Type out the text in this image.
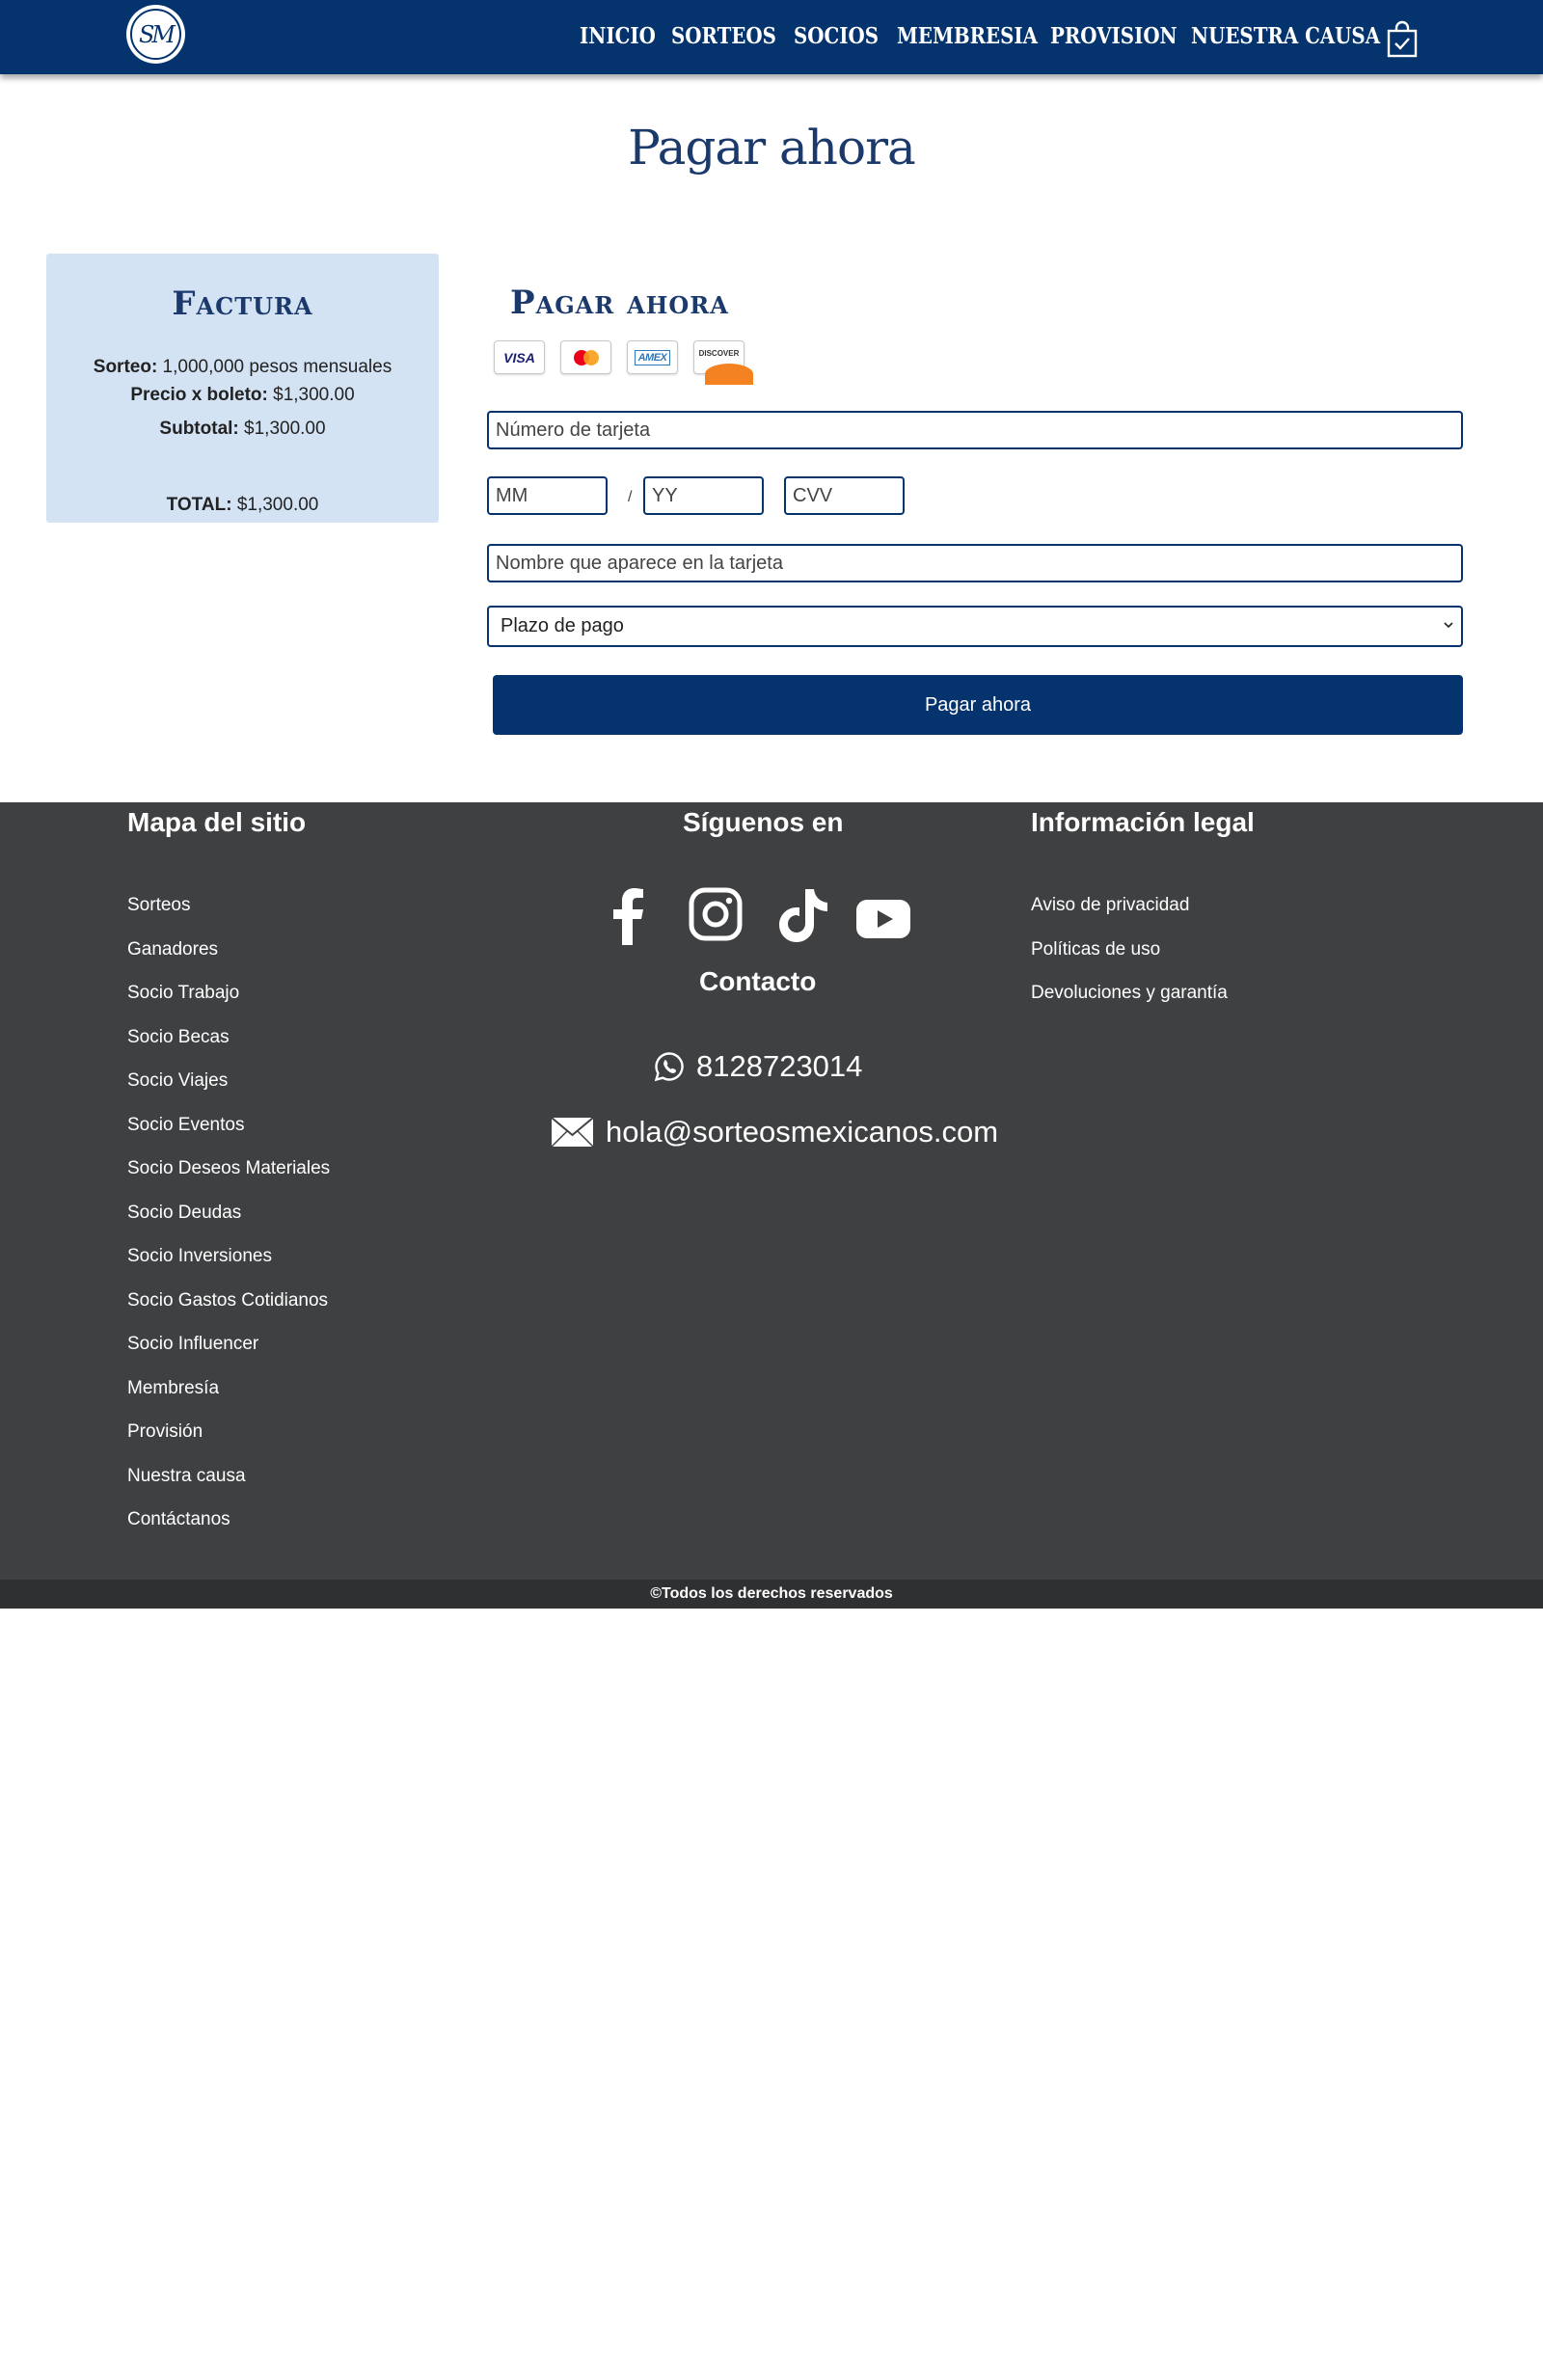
SM	INICIO SORTEOS SOCIOS MEMBRESIA PROVISION NUESTRA CAUSA
Pagar ahora
Factura
Sorteo: 1,000,000 pesos mensuales
Precio x boleto: $1,300.00
Subtotal: $1,300.00
TOTAL: $1,300.00
Pagar ahora
VISA	AMEX	DISCOVER
Número de tarjeta
MM	/	YY	CVV
Nombre que aparece en la tarjeta
Plazo de pago
Pagar ahora
Mapa del sitio
Emails:
Síguenos en
Contacto
8128723014
hola@sorteosmexicanos.com
Información legal
Sorteos
Ganadores
Socio Trabajo
Socio Becas
Socio Viajes
Socio Eventos
Socio Deseos Materiales
Socio Deudas
Socio Inversiones
Socio Gastos Cotidianos
Socio Influencer
Membresía
Provisión
Nuestra causa
Contáctanos
Aviso de privacidad
Políticas de uso
Devoluciones y garantía
©Todos los derechos reservados
